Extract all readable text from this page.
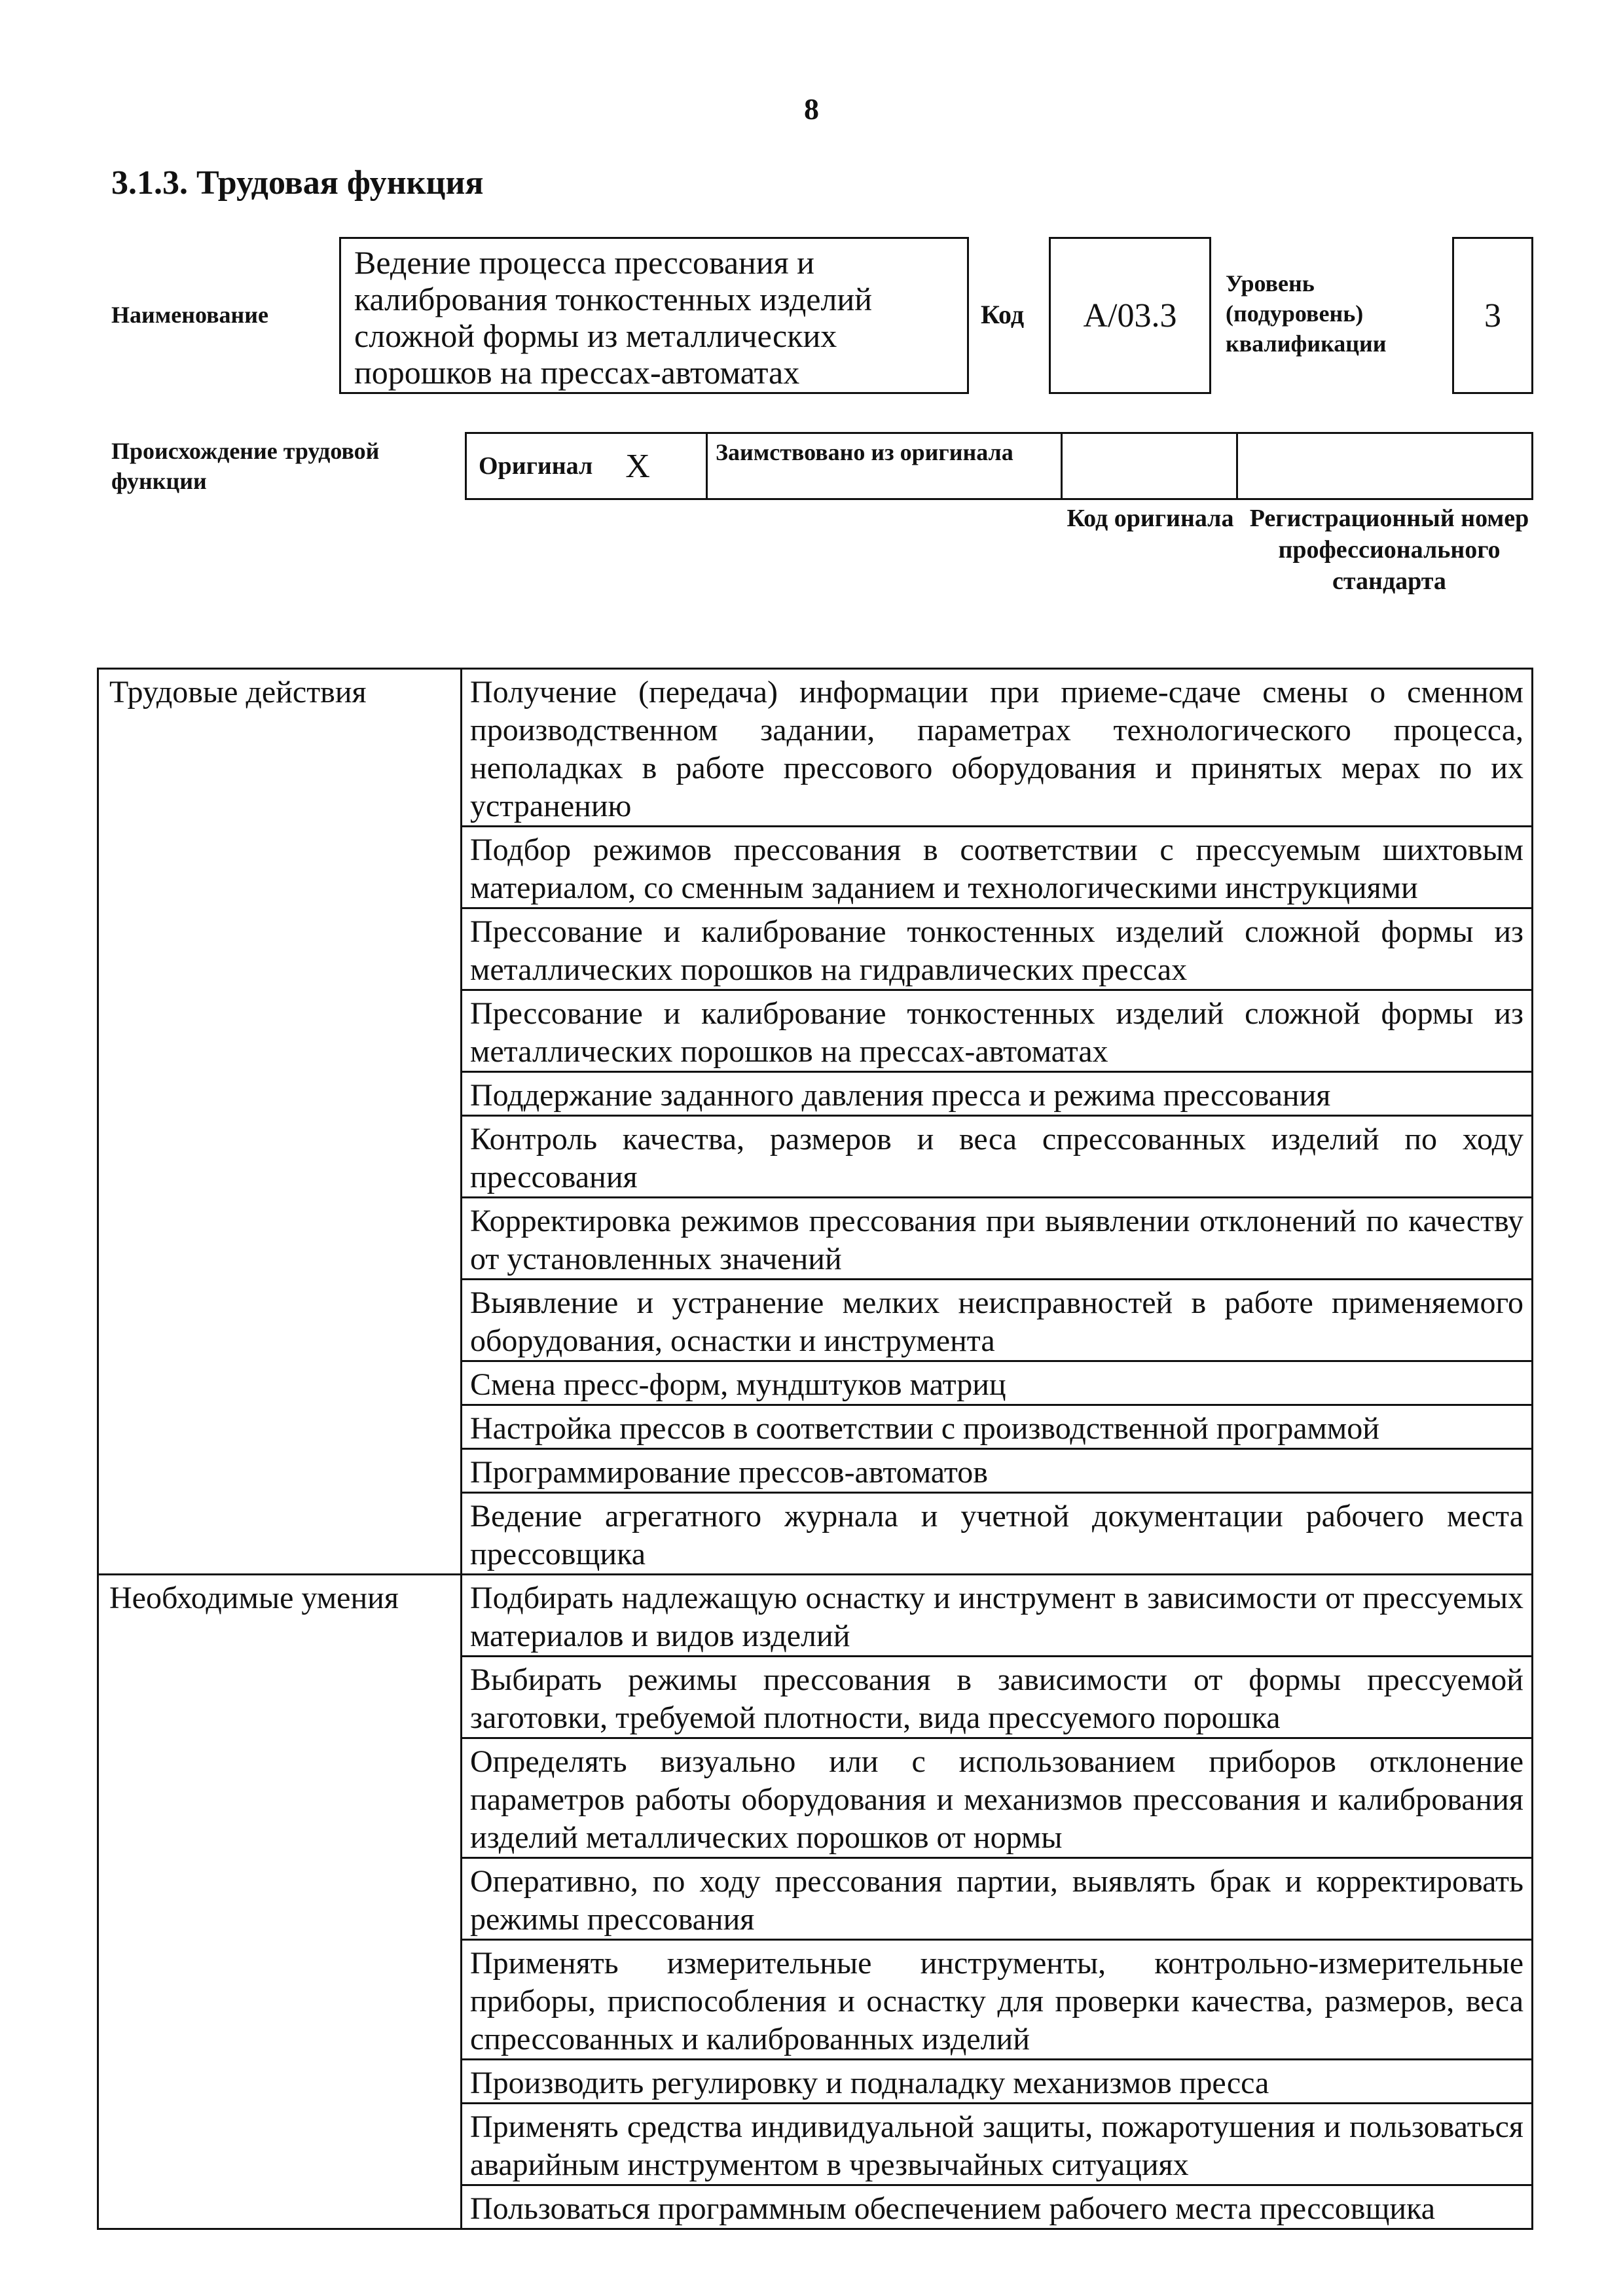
8
3.1.3. Трудовая функция
Наименование
Ведение процесса прессования и калибрования тонкостенных изделий сложной формы из металлических порошков на прессах-автоматах
Код A/03.3
Уровень (подуровень) квалификации
3
Происхождение трудовой функции
Оригинал X	Заимствовано из оригинала
Код оригинала Регистрационный номер профессионального стандарта
Трудовые действия	Получение (передача) информации при приеме-сдаче смены о сменном производственном задании, параметрах технологического процесса, неполадках в работе прессового оборудования и принятых мерах по их устранению
	Подбор режимов прессования в соответствии с прессуемым шихтовым материалом, со сменным заданием и технологическими инструкциями
	Прессование и калибрование тонкостенных изделий сложной формы из металлических порошков на гидравлических прессах
	Прессование и калибрование тонкостенных изделий сложной формы из металлических порошков на прессах-автоматах
	Поддержание заданного давления пресса и режима прессования
	Контроль качества, размеров и веса спрессованных изделий по ходу прессования
	Корректировка режимов прессования при выявлении отклонений по качеству от установленных значений
	Выявление и устранение мелких неисправностей в работе применяемого оборудования, оснастки и инструмента
	Смена пресс-форм, мундштуков матриц
	Настройка прессов в соответствии с производственной программой
	Программирование прессов-автоматов
	Ведение агрегатного журнала и учетной документации рабочего места прессовщика
Необходимые умения	Подбирать надлежащую оснастку и инструмент в зависимости от прессуемых материалов и видов изделий
	Выбирать режимы прессования в зависимости от формы прессуемой заготовки, требуемой плотности, вида прессуемого порошка
	Определять визуально или с использованием приборов отклонение параметров работы оборудования и механизмов прессования и калибрования изделий металлических порошков от нормы
	Оперативно, по ходу прессования партии, выявлять брак и корректировать режимы прессования
	Применять измерительные инструменты, контрольно-измерительные приборы, приспособления и оснастку для проверки качества, размеров, веса спрессованных и калиброванных изделий
	Производить регулировку и подналадку механизмов пресса
	Применять средства индивидуальной защиты, пожаротушения и пользоваться аварийным инструментом в чрезвычайных ситуациях
	Пользоваться программным обеспечением рабочего места прессовщика
